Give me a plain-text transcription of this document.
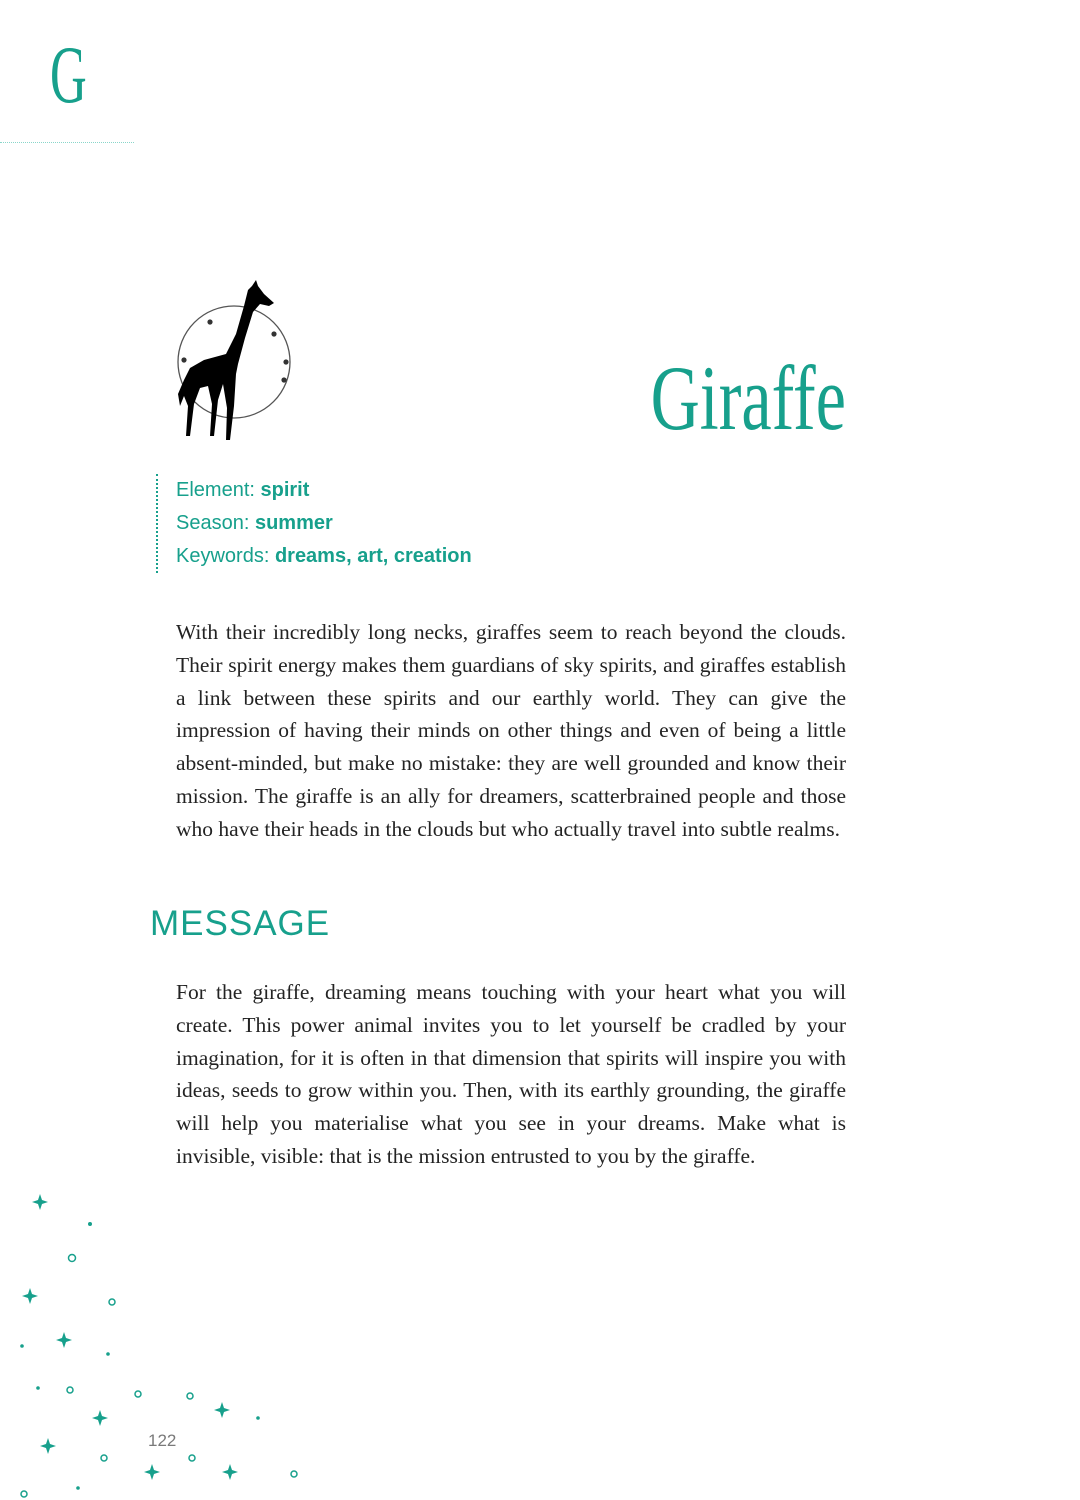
G
Giraffe
Element: spirit
Season: summer
Keywords: dreams, art, creation

With their incredibly long necks, giraffes seem to reach beyond the clouds. Their spirit energy makes them guardians of sky spirits, and giraffes establish a link between these spirits and our earthly world. They can give the impression of having their minds on other things and even of being a little absent-minded, but make no mistake: they are well grounded and know their mission. The giraffe is an ally for dreamers, scatterbrained people and those who have their heads in the clouds but who actually travel into subtle realms.

MESSAGE

For the giraffe, dreaming means touching with your heart what you will create. This power animal invites you to let yourself be cradled by your imagination, for it is often in that dimension that spirits will inspire you with ideas, seeds to grow within you. Then, with its earthly grounding, the giraffe will help you materialise what you see in your dreams. Make what is invisible, visible: that is the mission entrusted to you by the giraffe.

122
